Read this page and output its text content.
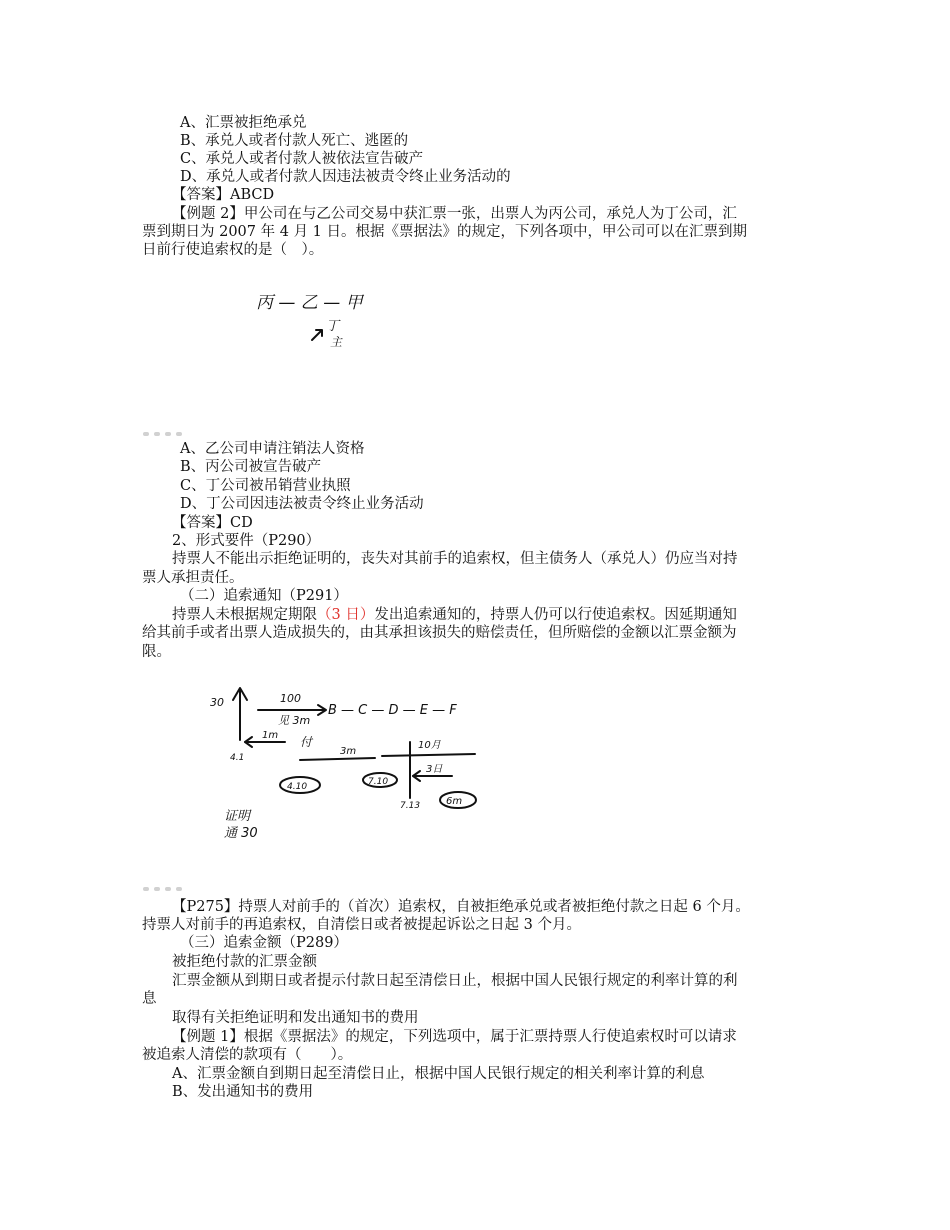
A、汇票被拒绝承兑
B、承兑人或者付款人死亡、逃匿的
C、承兑人或者付款人被依法宣告破产
D、承兑人或者付款人因违法被责令终止业务活动的
【答案】ABCD
【例题 2】甲公司在与乙公司交易中获汇票一张，出票人为丙公司，承兑人为丁公司，汇
票到期日为 2007 年 4 月 1 日。根据《票据法》的规定，下列各项中，甲公司可以在汇票到期
日前行使追索权的是（　）。
丙 — 乙 — 甲
丁
主
A、乙公司申请注销法人资格
B、丙公司被宣告破产
C、丁公司被吊销营业执照
D、丁公司因违法被责令终止业务活动
【答案】CD
2、形式要件（P290）
持票人不能出示拒绝证明的，丧失对其前手的追索权，但主债务人（承兑人）仍应当对持
票人承担责任。
（二）追索通知（P291）
持票人未根据规定期限（3 日）发出追索通知的，持票人仍可以行使追索权。因延期通知
给其前手或者出票人造成损失的，由其承担该损失的赔偿责任，但所赔偿的金额以汇票金额为
限。
30	100
见 3m
B — C — D — E — F
1m 付
4.1
3m
10月
3日
4.10	7.10
7.13	6m
证明
通 30
【P275】持票人对前手的（首次）追索权，自被拒绝承兑或者被拒绝付款之日起 6 个月。
持票人对前手的再追索权，自清偿日或者被提起诉讼之日起 3 个月。
（三）追索金额（P289）
被拒绝付款的汇票金额
汇票金额从到期日或者提示付款日起至清偿日止，根据中国人民银行规定的利率计算的利
息
取得有关拒绝证明和发出通知书的费用
【例题 1】根据《票据法》的规定，下列选项中，属于汇票持票人行使追索权时可以请求
被追索人清偿的款项有（　　）。
A、汇票金额自到期日起至清偿日止，根据中国人民银行规定的相关利率计算的利息
B、发出通知书的费用
